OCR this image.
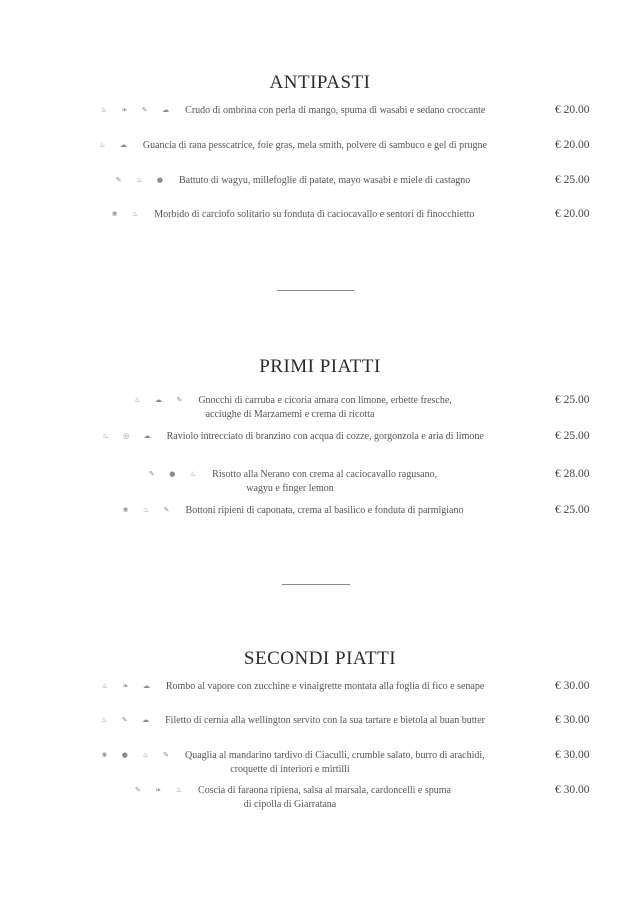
ANTIPASTI
♨ ❧ ✎ ☁ Crudo di ombrina con perla di mango, spuma di wasabi e sedano croccante	€ 20.00
♨ ☁ Guancia di rana pesscatrice, foie gras, mela smith, polvere di sambuco e gel di prugne	€ 20.00
✎ ♨ ● Battuto di wagyu, millefoglie di patate, mayo wasabi e miele di castagno	€ 25.00
❀ ♨ Morbido di carciofo solitario su fonduta di caciocavallo e sentori di finocchietto	€ 20.00
PRIMI PIATTI
♨ ☁ ✎ Gnocchi di carruba e cicoria amara con limone, erbette fresche,
acciughe di Marzamemi e crema di ricotta
€ 25.00
♨ ◎ ☁ Raviolo intrecciato di branzino con acqua di cozze, gorgonzola e aria di limone	€ 25.00
✎ ● ♨ Risotto alla Nerano con crema al caciocavallo ragusano,
wagyu e finger lemon
€ 28.00
❀ ♨ ✎ Bottoni ripieni di caponata, crema al basilico e fonduta di parmigiano	€ 25.00
SECONDI PIATTI
♨ ❧ ☁ Rombo al vapore con zucchine e vinaigrette montata alla foglia di fico e senape	€ 30.00
♨ ✎ ☁ Filetto di cernia alla wellington servito con la sua tartare e bietola al buan butter	€ 30.00
❀ ● ♨ ✎ Quaglia al mandarino tardivo di Ciaculli, crumble salato, burro di arachidi,
croquette di interiori e mirtilli
€ 30.00
✎ ❧ ♨ Coscia di faraona ripiena, salsa al marsala, cardoncelli e spuma
di cipolla di Giarratana
€ 30.00
